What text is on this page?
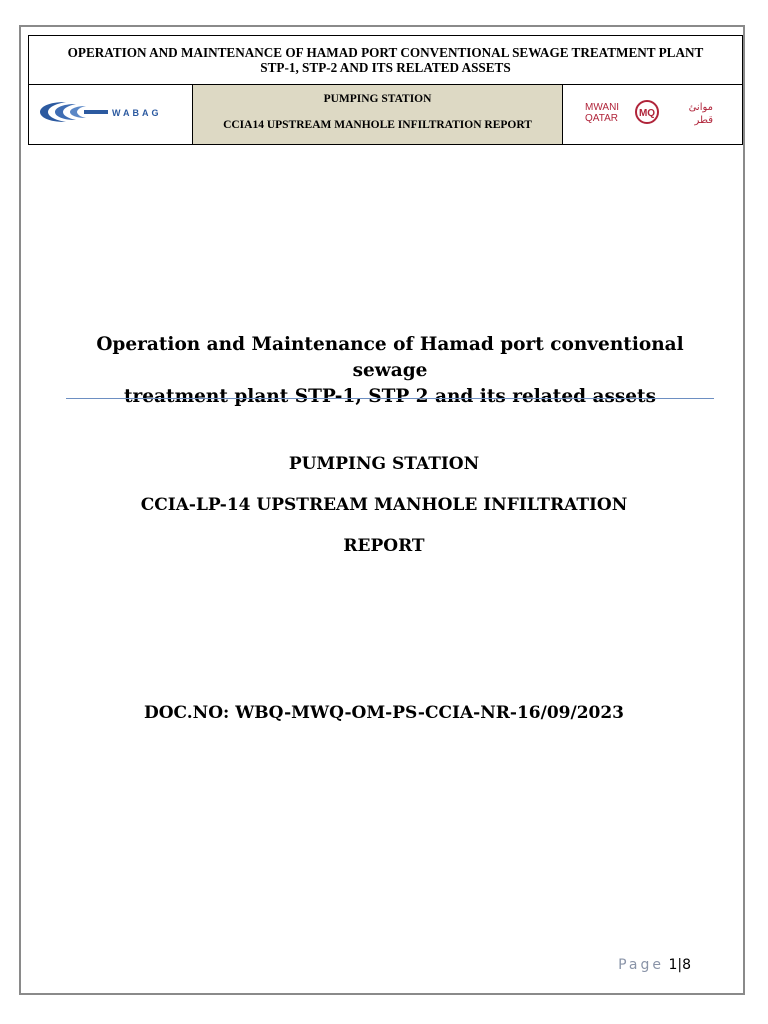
OPERATION AND MAINTENANCE OF HAMAD PORT CONVENTIONAL SEWAGE TREATMENT PLANT
STP-1, STP-2 AND ITS RELATED ASSETS

WABAG

PUMPING STATION
CCIA14 UPSTREAM MANHOLE INFILTRATION REPORT

MWANI
QATAR MQ
موانئ
قطر
Operation and Maintenance of Hamad port conventional sewage
treatment plant STP-1, STP 2 and its related assets
PUMPING STATION
CCIA-LP-14 UPSTREAM MANHOLE INFILTRATION
REPORT
DOC.NO: WBQ-MWQ-OM-PS-CCIA-NR-16/09/2023
Page 1|8
